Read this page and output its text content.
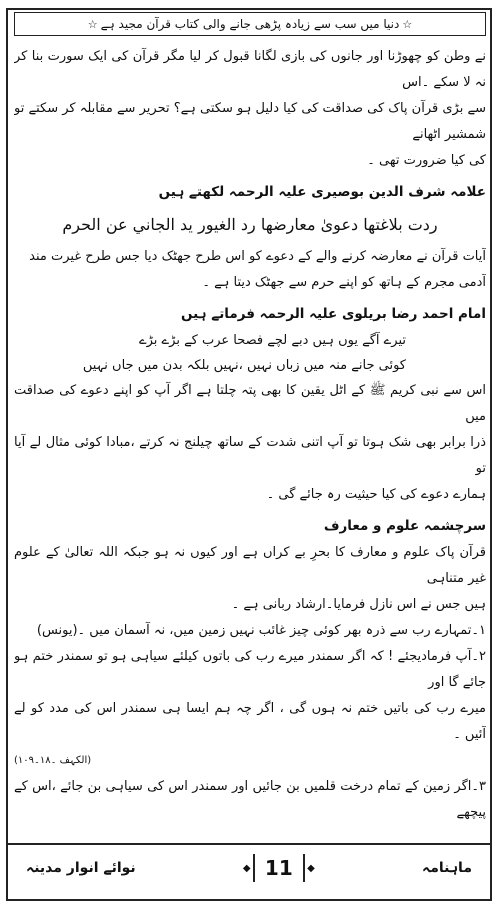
☆
دنیا میں سب سے زیادہ پڑھی جانے والی کتاب قرآن مجید ہے
☆

نے وطن کو چھوڑنا اور جانوں کی بازی لگانا قبول کر لیا مگر قرآن کی ایک سورت بنا کر نہ لا سکے ۔اس

سے بڑی قرآن پاک کی صداقت کی کیا دلیل ہو سکتی ہے؟ تحریر سے مقابلہ کر سکتے تو شمشیر اٹھانے

کی کیا ضرورت تھی ۔

علامہ شرف الدین بوصیری علیہ الرحمہ لکھتے ہیں

ردت بلاغتها دعوىٰ معارضها رد الغيور يد الجاني عن الحرم

آیات قرآن نے معارضہ کرنے والے کے دعوے کو اس طرح جھٹک دیا جس طرح غیرت مند

آدمی مجرم کے ہاتھ کو اپنے حرم سے جھٹک دیتا ہے ۔

امام احمد رضا بریلوی علیہ الرحمہ فرماتے ہیں

تیرے آگے یوں ہیں دبے لچے فصحا عرب کے بڑے بڑے

کوئی جانے منہ میں زباں نہیں ،نہیں بلکہ بدن میں جاں نہیں

اس سے نبی کریم ﷺ کے اٹل یقین کا بھی پتہ چلتا ہے اگر آپ کو اپنے دعوے کی صداقت میں

ذرا برابر بھی شک ہوتا تو آپ اتنی شدت کے ساتھ چیلنج نہ کرتے ،مبادا کوئی مثال لے آیا تو

ہمارے دعوے کی کیا حیثیت رہ جائے گی ۔

سرچشمہ علوم و معارف

قرآن پاک علوم و معارف کا بحرِ بے کراں ہے اور کیوں نہ ہو جبکہ اللہ تعالیٰ کے علوم غیر متناہی

ہیں جس نے اس نازل فرمایا۔ارشاد ربانی ہے ۔

۱۔تمہارے رب سے ذرہ بھر کوئی چیز غائب نہیں زمین میں، نہ آسمان میں ۔(یونس)

۲۔آپ فرمادیجئے ! کہ اگر سمندر میرے رب کی باتوں کیلئے سیاہی ہو تو سمندر ختم ہو جائے گا اور

میرے رب کی باتیں ختم نہ ہوں گی ، اگر چہ ہم ایسا ہی سمندر اس کی مدد کو لے آئیں ۔

(الکہف ۔۱۸۔۱۰۹)

۳۔اگر زمین کے تمام درخت قلمیں بن جائیں اور سمندر اس کی سیاہی بن جائے ،اس کے پیچھے

نوائے انوار مدینہ
◆	11 ◆	ماہنامہ
